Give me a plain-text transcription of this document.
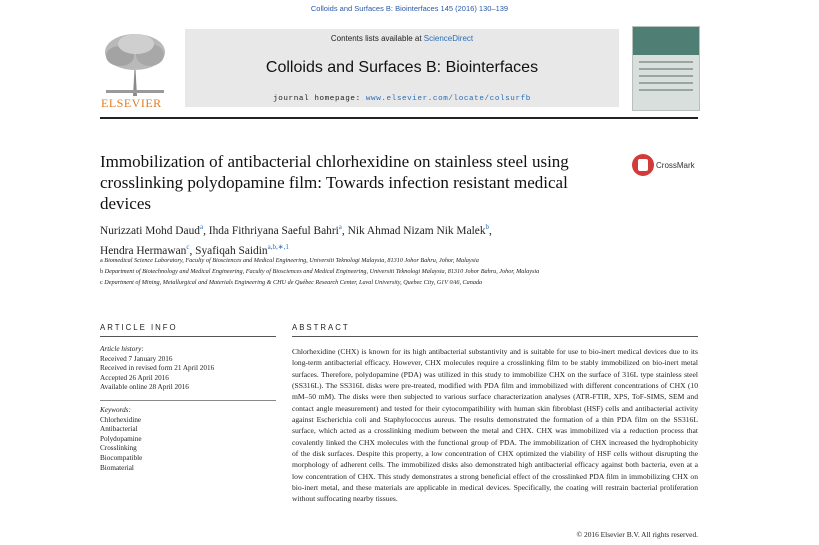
Colloids and Surfaces B: Biointerfaces 145 (2016) 130–139
ELSEVIER
Contents lists available at ScienceDirect
Colloids and Surfaces B: Biointerfaces
journal homepage: www.elsevier.com/locate/colsurfb
Immobilization of antibacterial chlorhexidine on stainless steel using crosslinking polydopamine film: Towards infection resistant medical devices
CrossMark
Nurizzati Mohd Daud$^a$, Ihda Fithriyana Saeful Bahri$^a$, Nik Ahmad Nizam Nik Malek$^b$,
Hendra Hermawan$^c$, Syafiqah Saidin$^{a,b,∗,1}$
a Biomedical Science Laboratory, Faculty of Biosciences and Medical Engineering, Universiti Teknologi Malaysia, 81310 Johor Bahru, Johor, Malaysia
b Department of Biotechnology and Medical Engineering, Faculty of Biosciences and Medical Engineering, Universiti Teknologi Malaysia, 81310 Johor Bahru, Johor, Malaysia
c Department of Mining, Metallurgical and Materials Engineering & CHU de Québec Research Center, Laval University, Quebec City, G1V 0A6, Canada
ARTICLE INFO	ABSTRACT
Article history:
Received 7 January 2016
Received in revised form 21 April 2016
Accepted 26 April 2016
Available online 28 April 2016
Keywords:
Chlorhexidine
Antibacterial
Polydopamine
Crosslinking
Biocompatible
Biomaterial
Chlorhexidine (CHX) is known for its high antibacterial substantivity and is suitable for use to bio-inert medical devices due to its long-term antibacterial efficacy. However, CHX molecules require a crosslinking film to be stably immobilized on bio-inert metal surfaces. Therefore, polydopamine (PDA) was utilized in this study to immobilize CHX on the surface of 316L type stainless steel (SS316L). The SS316L disks were pre-treated, modified with PDA film and immobilized with different concentrations of CHX (10 mM–50 mM). The disks were then subjected to various surface characterization analyses (ATR-FTIR, XPS, ToF-SIMS, SEM and contact angle measurement) and tested for their cytocompatibility with human skin fibroblast (HSF) cells and antibacterial activity against Escherichia coli and Staphylococcus aureus. The results demonstrated the formation of a thin PDA film on the SS316L surface, which acted as a crosslinking medium between the metal and CHX. CHX was immobilized via a reduction process that covalently linked the CHX molecules with the functional group of PDA. The immobilization of CHX increased the hydrophobicity of the disk surfaces. Despite this property, a low concentration of CHX optimized the viability of HSF cells without disrupting the morphology of adherent cells. The immobilized disks also demonstrated high antibacterial efficacy against both bacteria, even at a low concentration of CHX. This study demonstrates a strong beneficial effect of the crosslinked PDA film in immobilizing CHX on bio-inert metal, and these materials are applicable in medical devices. Specifically, the coating will restrain bacterial proliferation without suffocating nearby tissues.
© 2016 Elsevier B.V. All rights reserved.
